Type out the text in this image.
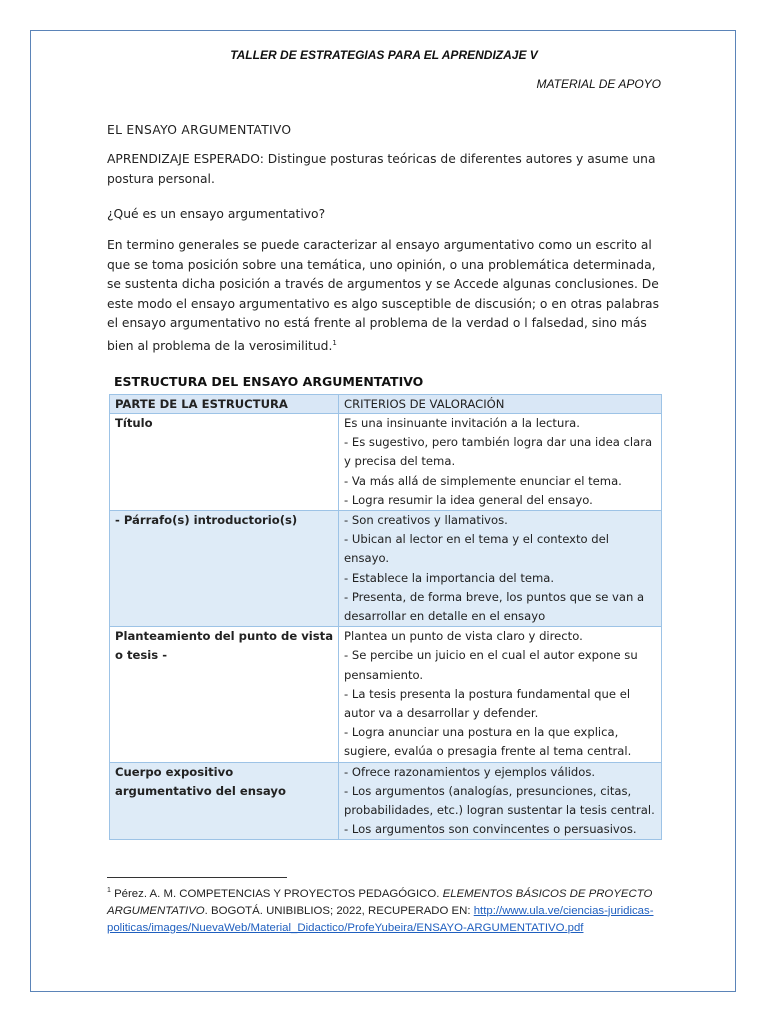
TALLER DE ESTRATEGIAS PARA EL APRENDIZAJE V
MATERIAL DE APOYO
EL ENSAYO ARGUMENTATIVO
APRENDIZAJE ESPERADO: Distingue posturas teóricas de diferentes autores y asume una postura personal.
¿Qué es un ensayo argumentativo?
En termino generales se puede caracterizar al ensayo argumentativo como un escrito al que se toma posición sobre una temática, uno opinión, o una problemática determinada, se sustenta dicha posición a través de argumentos y se Accede algunas conclusiones. De este modo el ensayo argumentativo es algo susceptible de discusión; o en otras palabras el ensayo argumentativo no está frente al problema de la verdad o l falsedad, sino más bien al problema de la verosimilitud.$^1$
ESTRUCTURA DEL ENSAYO ARGUMENTATIVO
PARTE DE LA ESTRUCTURA	CRITERIOS DE VALORACIÓN
Título	Es una insinuante invitación a la lectura.
- Es sugestivo, pero también logra dar una idea clara y precisa del tema.
- Va más allá de simplemente enunciar el tema.
- Logra resumir la idea general del ensayo.

- Párrafo(s) introductorio(s)	- Son creativos y llamativos.
- Ubican al lector en el tema y el contexto del ensayo.
- Establece la importancia del tema.
- Presenta, de forma breve, los puntos que se van a desarrollar en detalle en el ensayo

Planteamiento del punto de vista o tesis -	Plantea un punto de vista claro y directo.
- Se percibe un juicio en el cual el autor expone su pensamiento.
- La tesis presenta la postura fundamental que el autor va a desarrollar y defender.
- Logra anunciar una postura en la que explica, sugiere, evalúa o presagia frente al tema central.

Cuerpo expositivo argumentativo del ensayo	- Ofrece razonamientos y ejemplos válidos.
- Los argumentos (analogías, presunciones, citas, probabilidades, etc.) logran sustentar la tesis central.
- Los argumentos son convincentes o persuasivos.
$^1$ Pérez. A. M. COMPETENCIAS Y PROYECTOS PEDAGÓGICO. ELEMENTOS BÁSICOS DE PROYECTO ARGUMENTATIVO. BOGOTÁ. UNIBIBLIOS; 2022, RECUPERADO EN: http://www.ula.ve/ciencias-juridicas-politicas/images/NuevaWeb/Material_Didactico/ProfeYubeira/ENSAYO-ARGUMENTATIVO.pdf
